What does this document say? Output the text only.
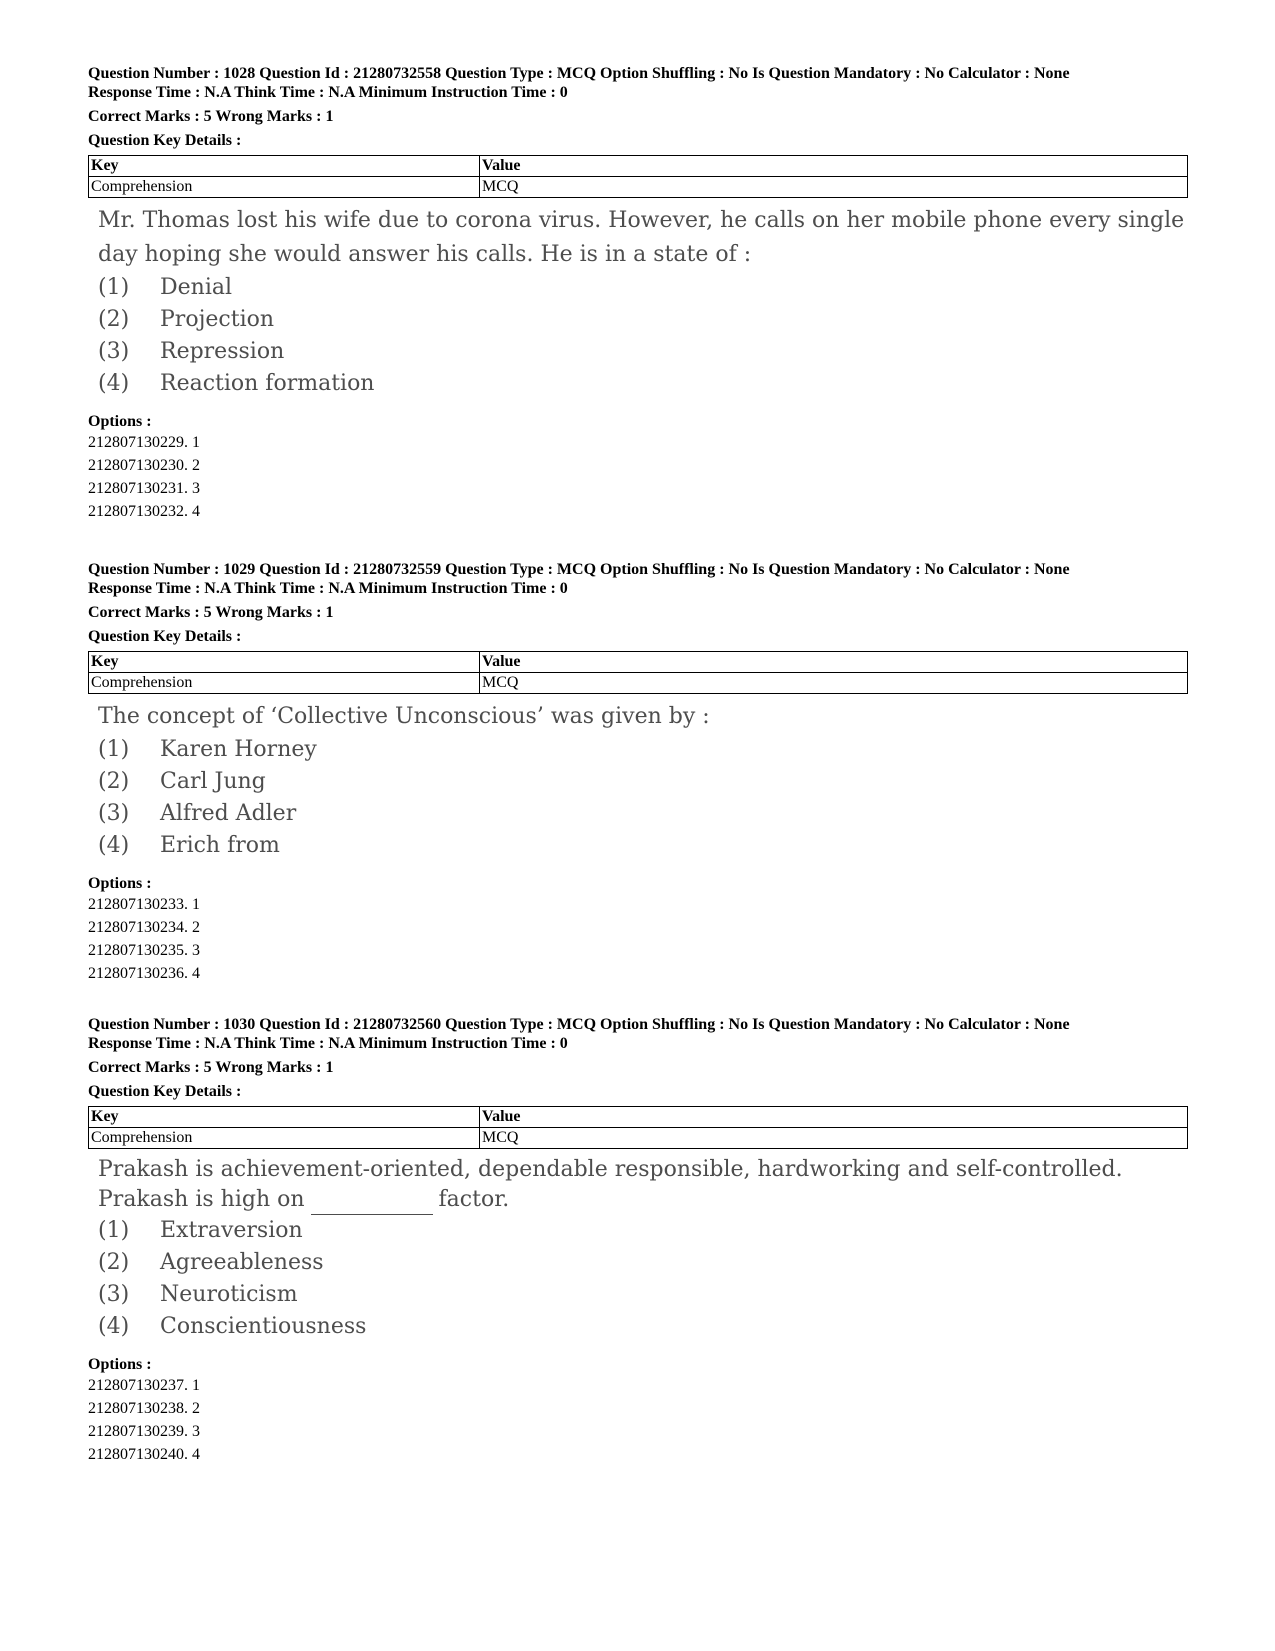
Question Number : 1028 Question Id : 21280732558 Question Type : MCQ Option Shuffling : No Is Question Mandatory : No Calculator : None
Response Time : N.A Think Time : N.A Minimum Instruction Time : 0
Correct Marks : 5 Wrong Marks : 1
Question Key Details :
Key	Value
Comprehension	MCQ
Mr. Thomas lost his wife due to corona virus. However, he calls on her mobile phone every single day hoping she would answer his calls. He is in a state of :
(1) Denial
(2) Projection
(3) Repression
(4) Reaction formation
Options :
212807130229. 1
212807130230. 2
212807130231. 3
212807130232. 4
Question Number : 1029 Question Id : 21280732559 Question Type : MCQ Option Shuffling : No Is Question Mandatory : No Calculator : None
Response Time : N.A Think Time : N.A Minimum Instruction Time : 0
Correct Marks : 5 Wrong Marks : 1
Question Key Details :
Key	Value
Comprehension	MCQ
The concept of ‘Collective Unconscious’ was given by :
(1) Karen Horney
(2) Carl Jung
(3) Alfred Adler
(4) Erich from
Options :
212807130233. 1
212807130234. 2
212807130235. 3
212807130236. 4
Question Number : 1030 Question Id : 21280732560 Question Type : MCQ Option Shuffling : No Is Question Mandatory : No Calculator : None
Response Time : N.A Think Time : N.A Minimum Instruction Time : 0
Correct Marks : 5 Wrong Marks : 1
Question Key Details :
Key	Value
Comprehension	MCQ
Prakash is achievement-oriented, dependable responsible, hardworking and self-controlled. Prakash is high on	factor.
(1) Extraversion
(2) Agreeableness
(3) Neuroticism
(4) Conscientiousness
Options :
212807130237. 1
212807130238. 2
212807130239. 3
212807130240. 4
